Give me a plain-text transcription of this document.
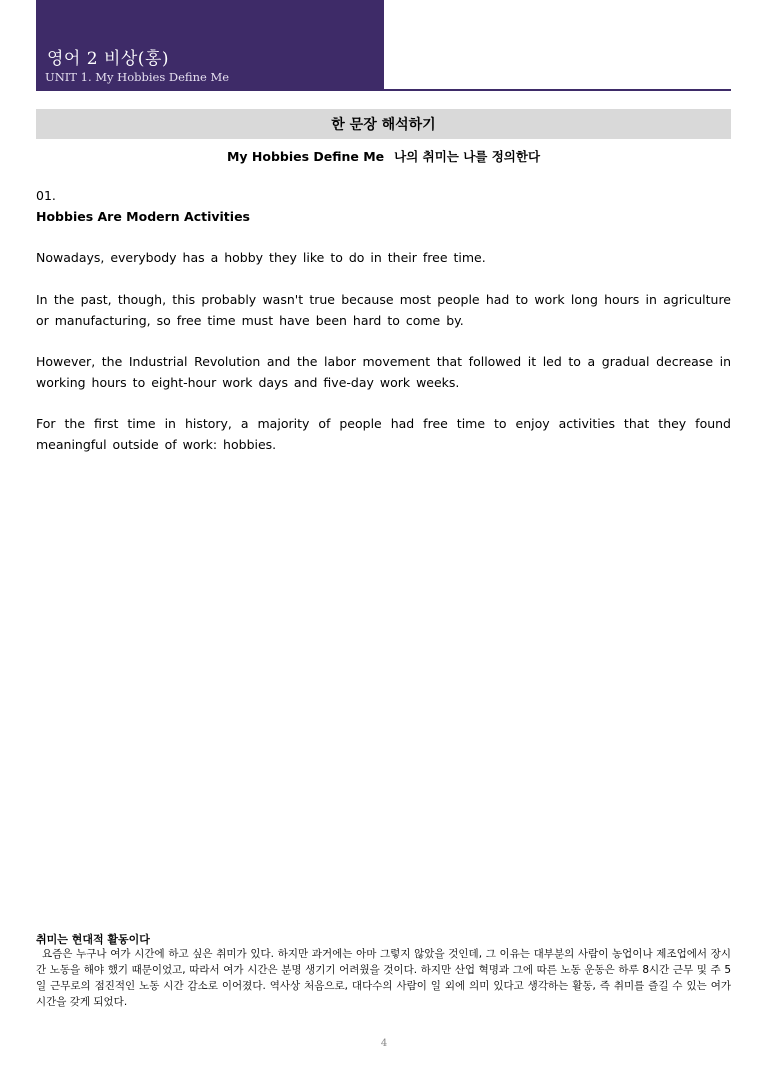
영어 2 비상(홍)
UNIT 1. My Hobbies Define Me
한 문장 해석하기
My Hobbies Define Me 나의 취미는 나를 정의한다
01.
Hobbies Are Modern Activities
Nowadays, everybody has a hobby they like to do in their free time.
In the past, though, this probably wasn't true because most people had to work long hours in agriculture or manufacturing, so free time must have been hard to come by.
However, the Industrial Revolution and the labor movement that followed it led to a gradual decrease in working hours to eight-hour work days and five-day work weeks.
For the first time in history, a majority of people had free time to enjoy activities that they found meaningful outside of work: hobbies.
취미는 현대적 활동이다
요즘은 누구나 여가 시간에 하고 싶은 취미가 있다. 하지만 과거에는 아마 그렇지 않았을 것인데, 그 이유는 대부분의 사람이 농업이나 제조업에서 장시간 노동을 해야 했기 때문이었고, 따라서 여가 시간은 분명 생기기 어려웠을 것이다. 하지만 산업 혁명과 그에 따른 노동 운동은 하루 8시간 근무 및 주 5일 근무로의 점진적인 노동 시간 감소로 이어졌다. 역사상 처음으로, 대다수의 사람이 일 외에 의미 있다고 생각하는 활동, 즉 취미를 즐길 수 있는 여가 시간을 갖게 되었다.
4
